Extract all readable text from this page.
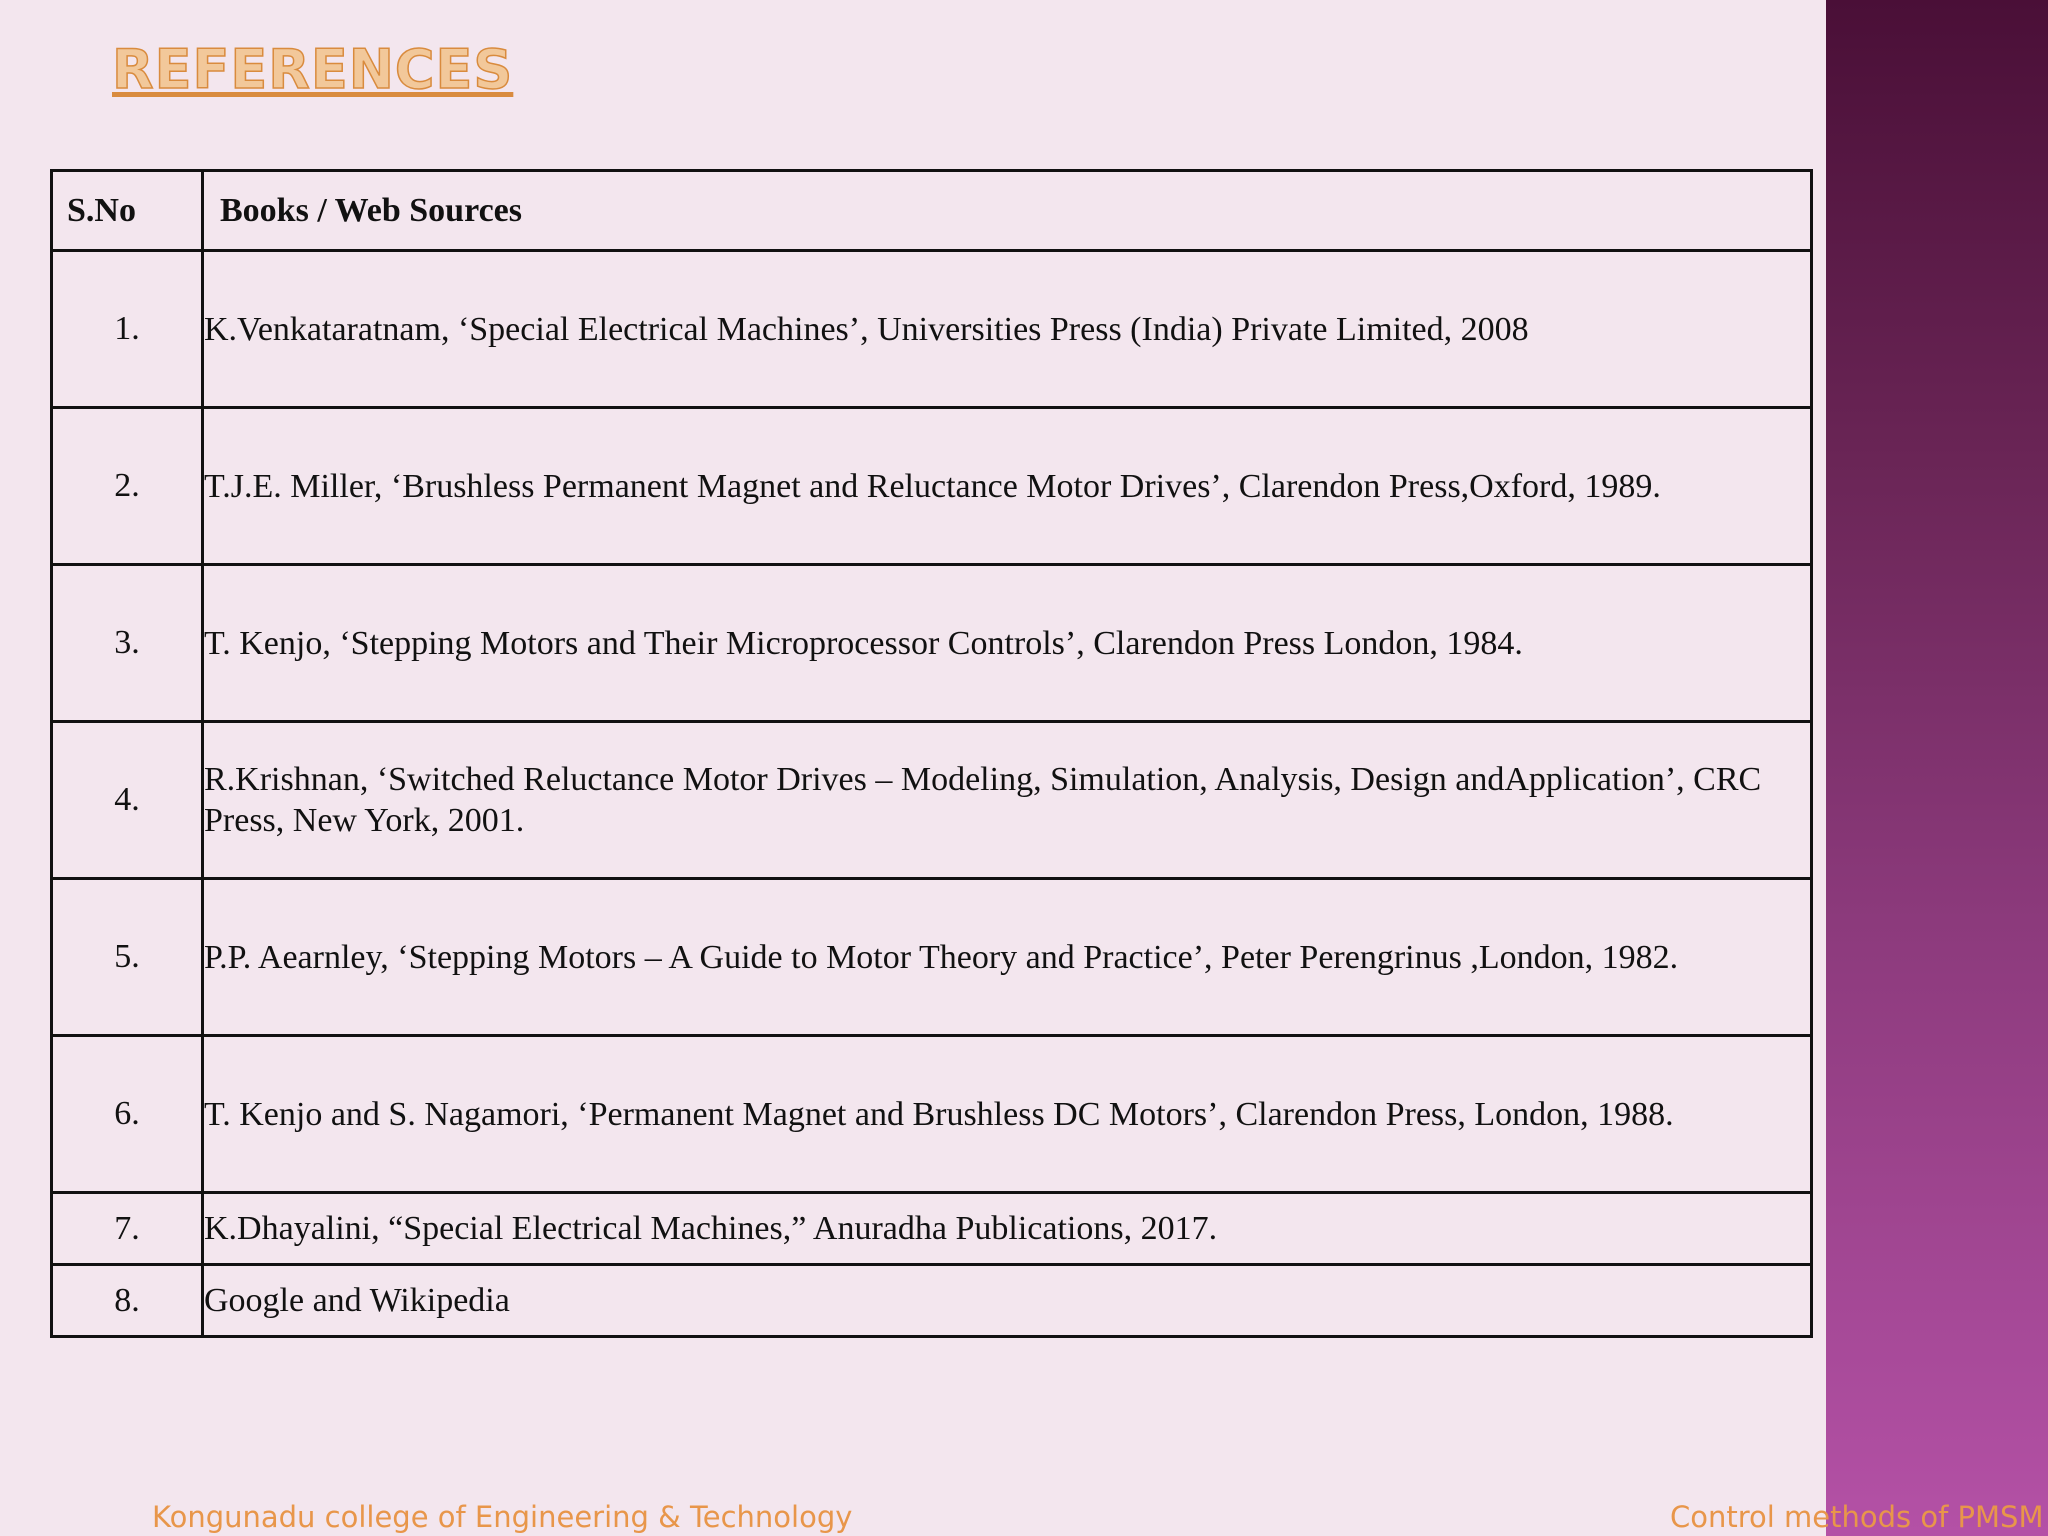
REFERENCES
S.No	Books / Web Sources
1.	K.Venkataratnam, ‘Special Electrical Machines’, Universities Press (India) Private Limited, 2008
2.	T.J.E. Miller, ‘Brushless Permanent Magnet and Reluctance Motor Drives’, Clarendon Press,Oxford, 1989.
3.	T. Kenjo, ‘Stepping Motors and Their Microprocessor Controls’, Clarendon Press London, 1984.
4.	R.Krishnan, ‘Switched Reluctance Motor Drives – Modeling, Simulation, Analysis, Design andApplication’, CRC Press, New York, 2001.
5.	P.P. Aearnley, ‘Stepping Motors – A Guide to Motor Theory and Practice’, Peter Perengrinus ,London, 1982.
6.	T. Kenjo and S. Nagamori, ‘Permanent Magnet and Brushless DC Motors’, Clarendon Press, London, 1988.
7.	K.Dhayalini, “Special Electrical Machines,” Anuradha Publications, 2017.
8.	Google and Wikipedia
Kongunadu college of Engineering & Technology	Control methods of PMSM
